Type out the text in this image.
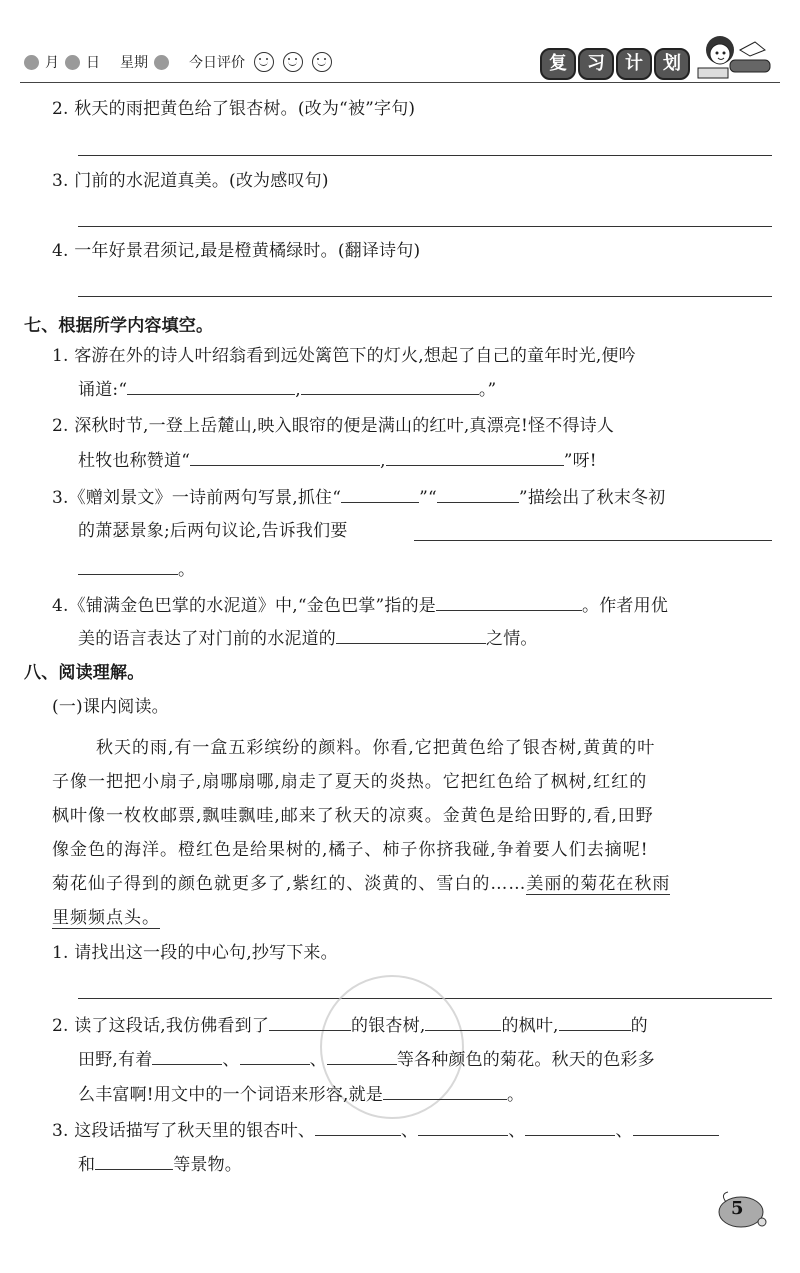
月 日 星期	今日评价	复	习	计	划
2. 秋天的雨把黄色给了银杏树。(改为“被”字句)
3. 门前的水泥道真美。(改为感叹句)
4. 一年好景君须记,最是橙黄橘绿时。(翻译诗句)
七、根据所学内容填空。
1. 客游在外的诗人叶绍翁看到远处篱笆下的灯火,想起了自己的童年时光,便吟
诵道:“	,	。”
2. 深秋时节,一登上岳麓山,映入眼帘的便是满山的红叶,真漂亮!怪不得诗人
杜牧也称赞道“	,	”呀!
3.《赠刘景文》一诗前两句写景,抓住“	”“	”描绘出了秋末冬初
的萧瑟景象;后两句议论,告诉我们要
。
4.《铺满金色巴掌的水泥道》中,“金色巴掌”指的是	。作者用优
美的语言表达了对门前的水泥道的	之情。
八、阅读理解。
(一)课内阅读。
秋天的雨,有一盒五彩缤纷的颜料。你看,它把黄色给了银杏树,黄黄的叶
子像一把把小扇子,扇哪扇哪,扇走了夏天的炎热。它把红色给了枫树,红红的
枫叶像一枚枚邮票,飘哇飘哇,邮来了秋天的凉爽。金黄色是给田野的,看,田野
像金色的海洋。橙红色是给果树的,橘子、柿子你挤我碰,争着要人们去摘呢!
菊花仙子得到的颜色就更多了,紫红的、淡黄的、雪白的……美丽的菊花在秋雨
里频频点头。
1. 请找出这一段的中心句,抄写下来。
2. 读了这段话,我仿佛看到了	的银杏树,	的枫叶,	的
田野,有着	、	、	等各种颜色的菊花。秋天的色彩多
么丰富啊!用文中的一个词语来形容,就是	。
3. 这段话描写了秋天里的银杏叶、	、	、	、
和	等景物。
5
